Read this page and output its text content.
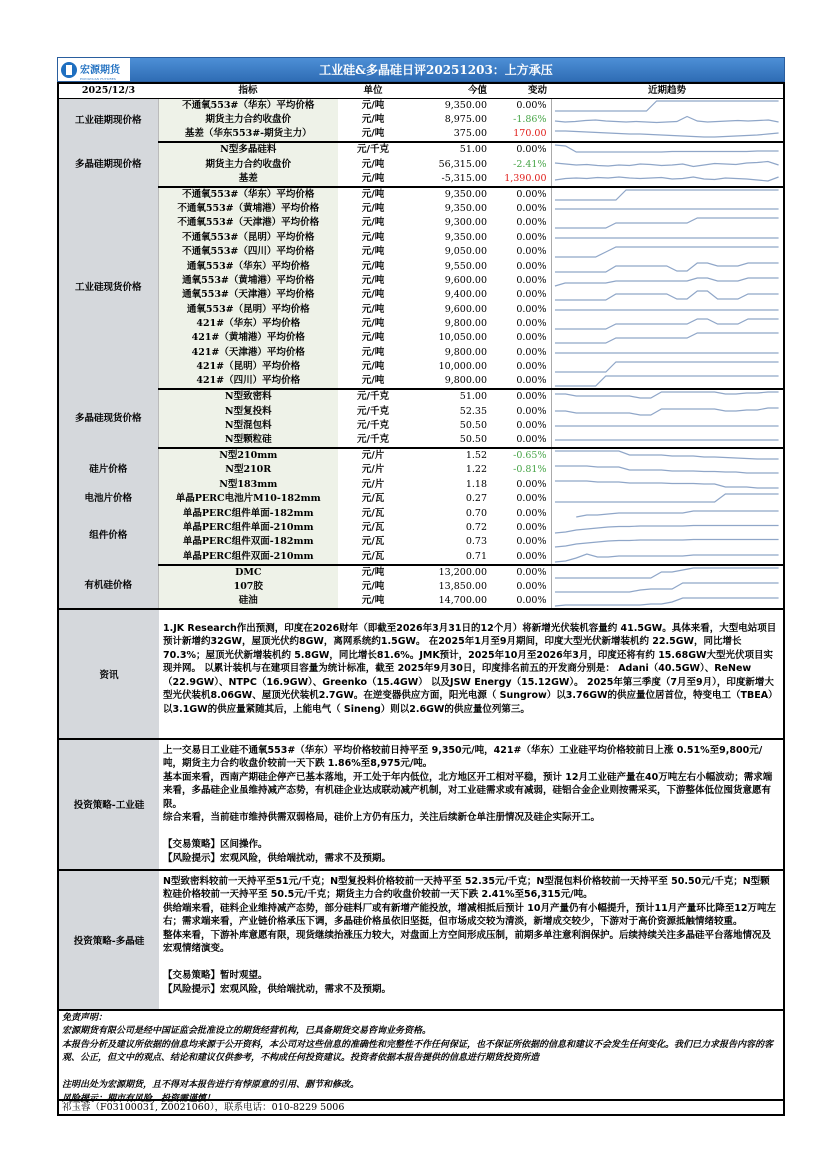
宏源期货
HONGYUAN FUTURES
工业硅&多晶硅日评20251203：上方承压
2025/12/3	指标	单位	今值	变动	近期趋势
工业硅期现价格	不通氧553#（华东）平均价格	元/吨	9,350.00	0.00%	

	期货主力合约收盘价	元/吨	8,975.00	-1.86%	

	基差（华东553#-期货主力）	元/吨	375.00	170.00	

多晶硅期现价格	N型多晶硅料	元/千克	51.00	0.00%	

	期货主力合约收盘价	元/吨	56,315.00	-2.41%	

	基差	元/吨	-5,315.00	1,390.00	

工业硅现货价格	不通氧553#（华东）平均价格	元/吨	9,350.00	0.00%	

	不通氧553#（黄埔港）平均价格	元/吨	9,350.00	0.00%	

	不通氧553#（天津港）平均价格	元/吨	9,300.00	0.00%	

	不通氧553#（昆明）平均价格	元/吨	9,350.00	0.00%	

	不通氧553#（四川）平均价格	元/吨	9,050.00	0.00%	

	通氧553#（华东）平均价格	元/吨	9,550.00	0.00%	

	通氧553#（黄埔港）平均价格	元/吨	9,600.00	0.00%	

	通氧553#（天津港）平均价格	元/吨	9,400.00	0.00%	

	通氧553#（昆明）平均价格	元/吨	9,600.00	0.00%	

	421#（华东）平均价格	元/吨	9,800.00	0.00%	

	421#（黄埔港）平均价格	元/吨	10,050.00	0.00%	

	421#（天津港）平均价格	元/吨	9,800.00	0.00%	

	421#（昆明）平均价格	元/吨	10,000.00	0.00%	

	421#（四川）平均价格	元/吨	9,800.00	0.00%	

多晶硅现货价格	N型致密料	元/千克	51.00	0.00%	

	N型复投料	元/千克	52.35	0.00%	

	N型混包料	元/千克	50.50	0.00%	

	N型颗粒硅	元/千克	50.50	0.00%	

硅片价格	N型210mm	元/片	1.52	-0.65%	

	N型210R	元/片	1.22	-0.81%	

	N型183mm	元/片	1.18	0.00%	

电池片价格	单晶PERC电池片M10-182mm	元/瓦	0.27	0.00%	

组件价格	单晶PERC组件单面-182mm	元/瓦	0.70	0.00%	

	单晶PERC组件单面-210mm	元/瓦	0.72	0.00%	

	单晶PERC组件双面-182mm	元/瓦	0.73	0.00%	

	单晶PERC组件双面-210mm	元/瓦	0.71	0.00%	

有机硅价格	DMC	元/吨	13,200.00	0.00%	

	107胶	元/吨	13,850.00	0.00%	

	硅油	元/吨	14,700.00	0.00%	
资讯

1.JK Research作出预测，印度在2026财年（即截至2026年3月31日的12个月）将新增光伏装机容量约 41.5GW。具体来看，大型电站项目预计新增约32GW，屋顶光伏约8GW，离网系统约1.5GW。 在2025年1月至9月期间，印度大型光伏新增装机约 22.5GW，同比增长70.3%；屋顶光伏新增装机约 5.8GW，同比增长81.6%。JMK预计，2025年10月至2026年3月，印度还将有约 15.68GW大型光伏项目实现并网。 以累计装机与在建项目容量为统计标准，截至 2025年9月30日，印度排名前五的开发商分别是： Adani（40.5GW）、ReNew（22.9GW）、NTPC（16.9GW）、Greenko（15.4GW） 以及JSW Energy（15.12GW）。 2025年第三季度（7月至9月），印度新增大型光伏装机8.06GW、屋顶光伏装机2.7GW。在逆变器供应方面，阳光电源（ Sungrow）以3.76GW的供应量位居首位，特变电工（TBEA）以3.1GW的供应量紧随其后，上能电气（ Sineng）则以2.6GW的供应量位列第三。

投资策略-工业硅

上一交易日工业硅不通氧553#（华东）平均价格较前日持平至 9,350元/吨，421#（华东）工业硅平均价格较前日上涨 0.51%至9,800元/吨，期货主力合约收盘价较前一天下跌 1.86%至8,975元/吨。

基本面来看，西南产期硅企停产已基本落地，开工处于年内低位，北方地区开工相对平稳，预计 12月工业硅产量在40万吨左右小幅波动；需求端来看，多晶硅企业虽维持减产态势，有机硅企业达成联动减产机制，对工业硅需求或有减弱，硅铝合金企业则按需采买，下游整体低位囤货意愿有限。

综合来看，当前硅市维持供需双弱格局，硅价上方仍有压力，关注后续新仓单注册情况及硅企实际开工。

【交易策略】区间操作。

【风险提示】宏观风险，供给端扰动，需求不及预期。

投资策略-多晶硅

N型致密料较前一天持平至51元/千克；N型复投料价格较前一天持平至 52.35元/千克；N型混包料价格较前一天持平至 50.50元/千克；N型颗粒硅价格较前一天持平至 50.5元/千克；期货主力合约收盘价较前一天下跌 2.41%至56,315元/吨。

供给端来看，硅料企业维持减产态势，部分硅料厂或有新增产能投放，增减相抵后预计 10月产量仍有小幅提升，预计11月产量环比降至12万吨左右；需求端来看，产业链价格承压下调，多晶硅价格虽依旧坚挺，但市场成交较为清淡，新增成交较少，下游对于高价资源抵触情绪较重。

整体来看，下游补库意愿有限，现货继续抬涨压力较大，对盘面上方空间形成压制，前期多单注意利润保护。后续持续关注多晶硅平台落地情况及宏观情绪演变。

【交易策略】暂时观望。

【风险提示】宏观风险，供给端扰动，需求不及预期。

免责声明：

宏源期货有限公司是经中国证监会批准设立的期货经营机构，已具备期货交易咨询业务资格。

本报告分析及建议所依据的信息均来源于公开资料，本公司对这些信息的准确性和完整性不作任何保证，也不保证所依据的信息和建议不会发生任何变化。我们已力求报告内容的客观、公正，但文中的观点、结论和建议仅供参考，不构成任何投资建议。投资者依据本报告提供的信息进行期货投资所造

注明出处为宏源期货，且不得对本报告进行有悖原意的引用、删节和修改。

风险提示：期市有风险，投资需谨慎！

祁玉蓉（F03100031, Z0021060），联系电话：010-8229 5006
